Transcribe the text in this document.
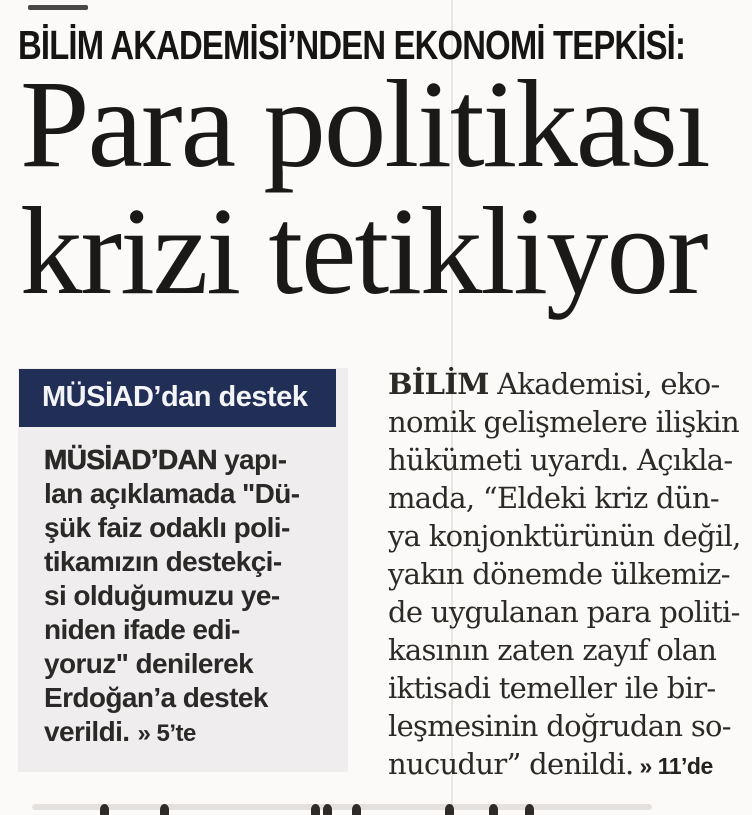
BİLİM AKADEMİSİ’NDEN EKONOMİ TEPKİSİ:
Para politikası
krizi tetikliyor
MÜSİAD’dan destek
MÜSİAD’DAN yapı-
lan açıklamada "Dü-
şük faiz odaklı poli-
tikamızın destekçi-
si olduğumuzu ye-
niden ifade edi-
yoruz" denilerek
Erdoğan’a destek
verildi. » 5’te
BİLİM Akademisi, eko-
nomik gelişmelere ilişkin
hükümeti uyardı. Açıkla-
mada, “Eldeki kriz dün-
ya konjonktürünün değil,
yakın dönemde ülkemiz-
de uygulanan para politi-
kasının zaten zayıf olan
iktisadi temeller ile bir-
leşmesinin doğrudan so-
nucudur” denildi. » 11’de
